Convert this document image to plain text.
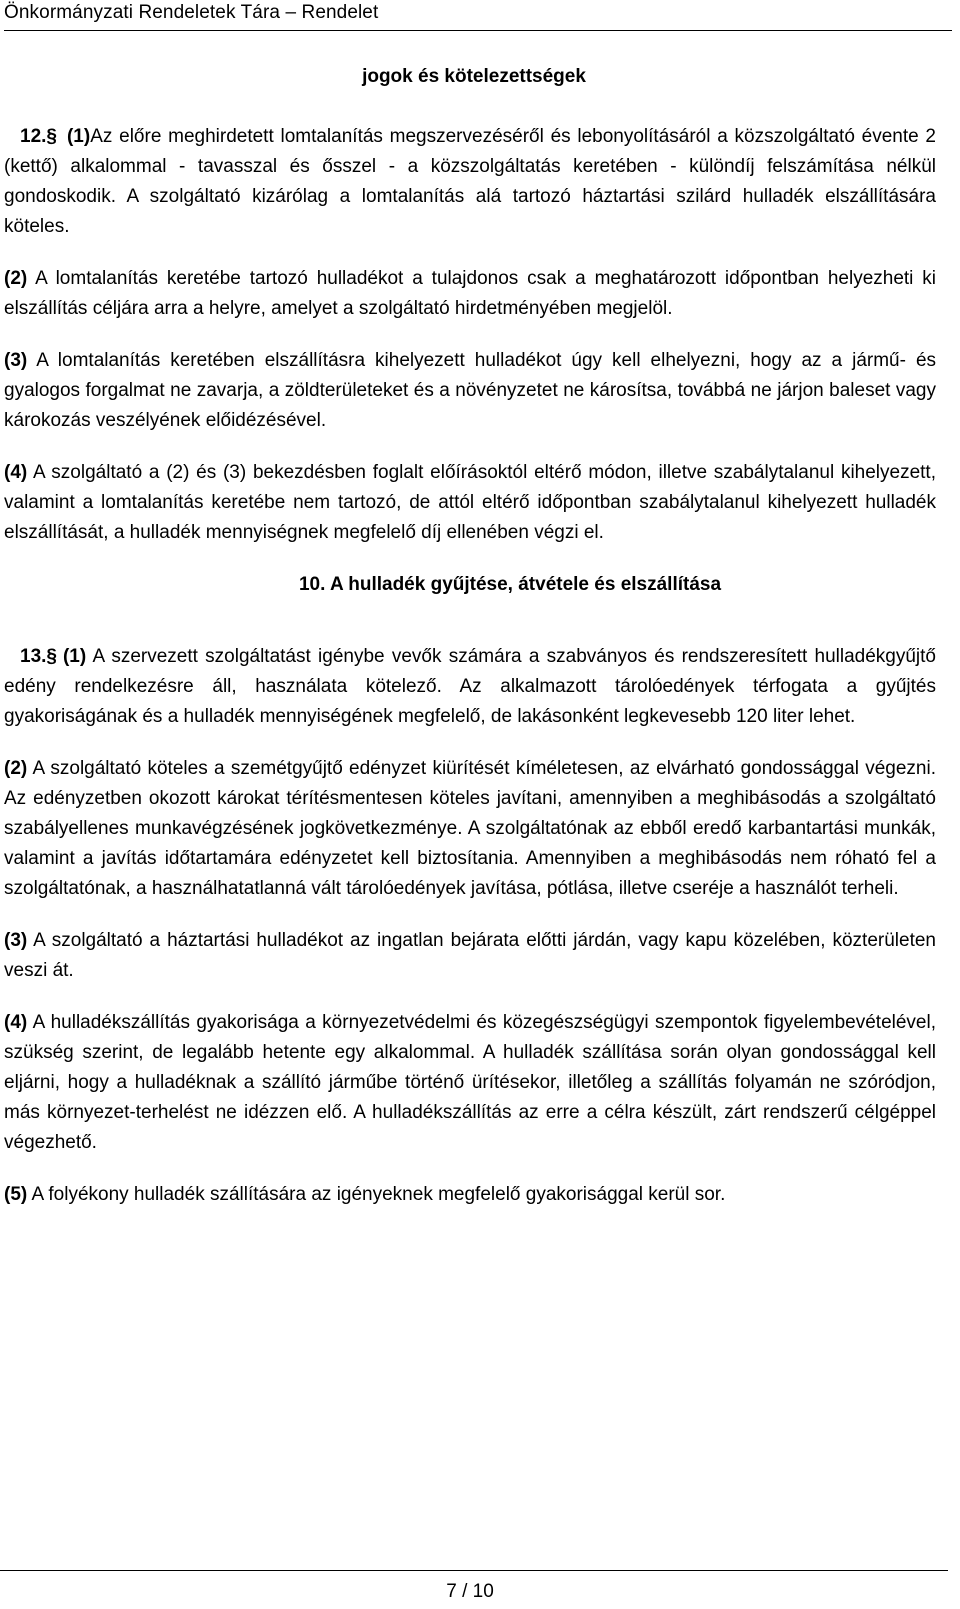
Önkormányzati Rendeletek Tára – Rendelet

jogok és kötelezettségek

12.§ (1)Az előre meghirdetett lomtalanítás megszervezéséről és lebonyolításáról a közszolgáltató évente 2 (kettő) alkalommal - tavasszal és ősszel - a közszolgáltatás keretében - különdíj felszámítása nélkül gondoskodik. A szolgáltató kizárólag a lomtalanítás alá tartozó háztartási szilárd hulladék elszállítására köteles.

(2) A lomtalanítás keretébe tartozó hulladékot a tulajdonos csak a meghatározott időpontban helyezheti ki elszállítás céljára arra a helyre, amelyet a szolgáltató hirdetményében megjelöl.

(3) A lomtalanítás keretében elszállításra kihelyezett hulladékot úgy kell elhelyezni, hogy az a jármű- és gyalogos forgalmat ne zavarja, a zöldterületeket és a növényzetet ne károsítsa, továbbá ne járjon baleset vagy károkozás veszélyének előidézésével.

(4) A szolgáltató a (2) és (3) bekezdésben foglalt előírásoktól eltérő módon, illetve szabálytalanul kihelyezett, valamint a lomtalanítás keretébe nem tartozó, de attól eltérő időpontban szabálytalanul kihelyezett hulladék elszállítását, a hulladék mennyiségnek megfelelő díj ellenében végzi el.

10. A hulladék gyűjtése, átvétele és elszállítása

13.§ (1) A szervezett szolgáltatást igénybe vevők számára a szabványos és rendszeresített hulladékgyűjtő edény rendelkezésre áll, használata kötelező. Az alkalmazott tárolóedények térfogata a gyűjtés gyakoriságának és a hulladék mennyiségének megfelelő, de lakásonként legkevesebb 120 liter lehet.

(2) A szolgáltató köteles a szemétgyűjtő edényzet kiürítését kíméletesen, az elvárható gondossággal végezni. Az edényzetben okozott károkat térítésmentesen köteles javítani, amennyiben a meghibásodás a szolgáltató szabályellenes munkavégzésének jogkövetkezménye. A szolgáltatónak az ebből eredő karbantartási munkák, valamint a javítás időtartamára edényzetet kell biztosítania. Amennyiben a meghibásodás nem róható fel a szolgáltatónak, a használhatatlanná vált tárolóedények javítása, pótlása, illetve cseréje a használót terheli.

(3) A szolgáltató a háztartási hulladékot az ingatlan bejárata előtti járdán, vagy kapu közelében, közterületen veszi át.

(4) A hulladékszállítás gyakorisága a környezetvédelmi és közegészségügyi szempontok figyelembevételével, szükség szerint, de legalább hetente egy alkalommal. A hulladék szállítása során olyan gondossággal kell eljárni, hogy a hulladéknak a szállító járműbe történő ürítésekor, illetőleg a szállítás folyamán ne szóródjon, más környezet-terhelést ne idézzen elő. A hulladékszállítás az erre a célra készült, zárt rendszerű célgéppel végezhető.

(5) A folyékony hulladék szállítására az igényeknek megfelelő gyakorisággal kerül sor.

7 / 10
